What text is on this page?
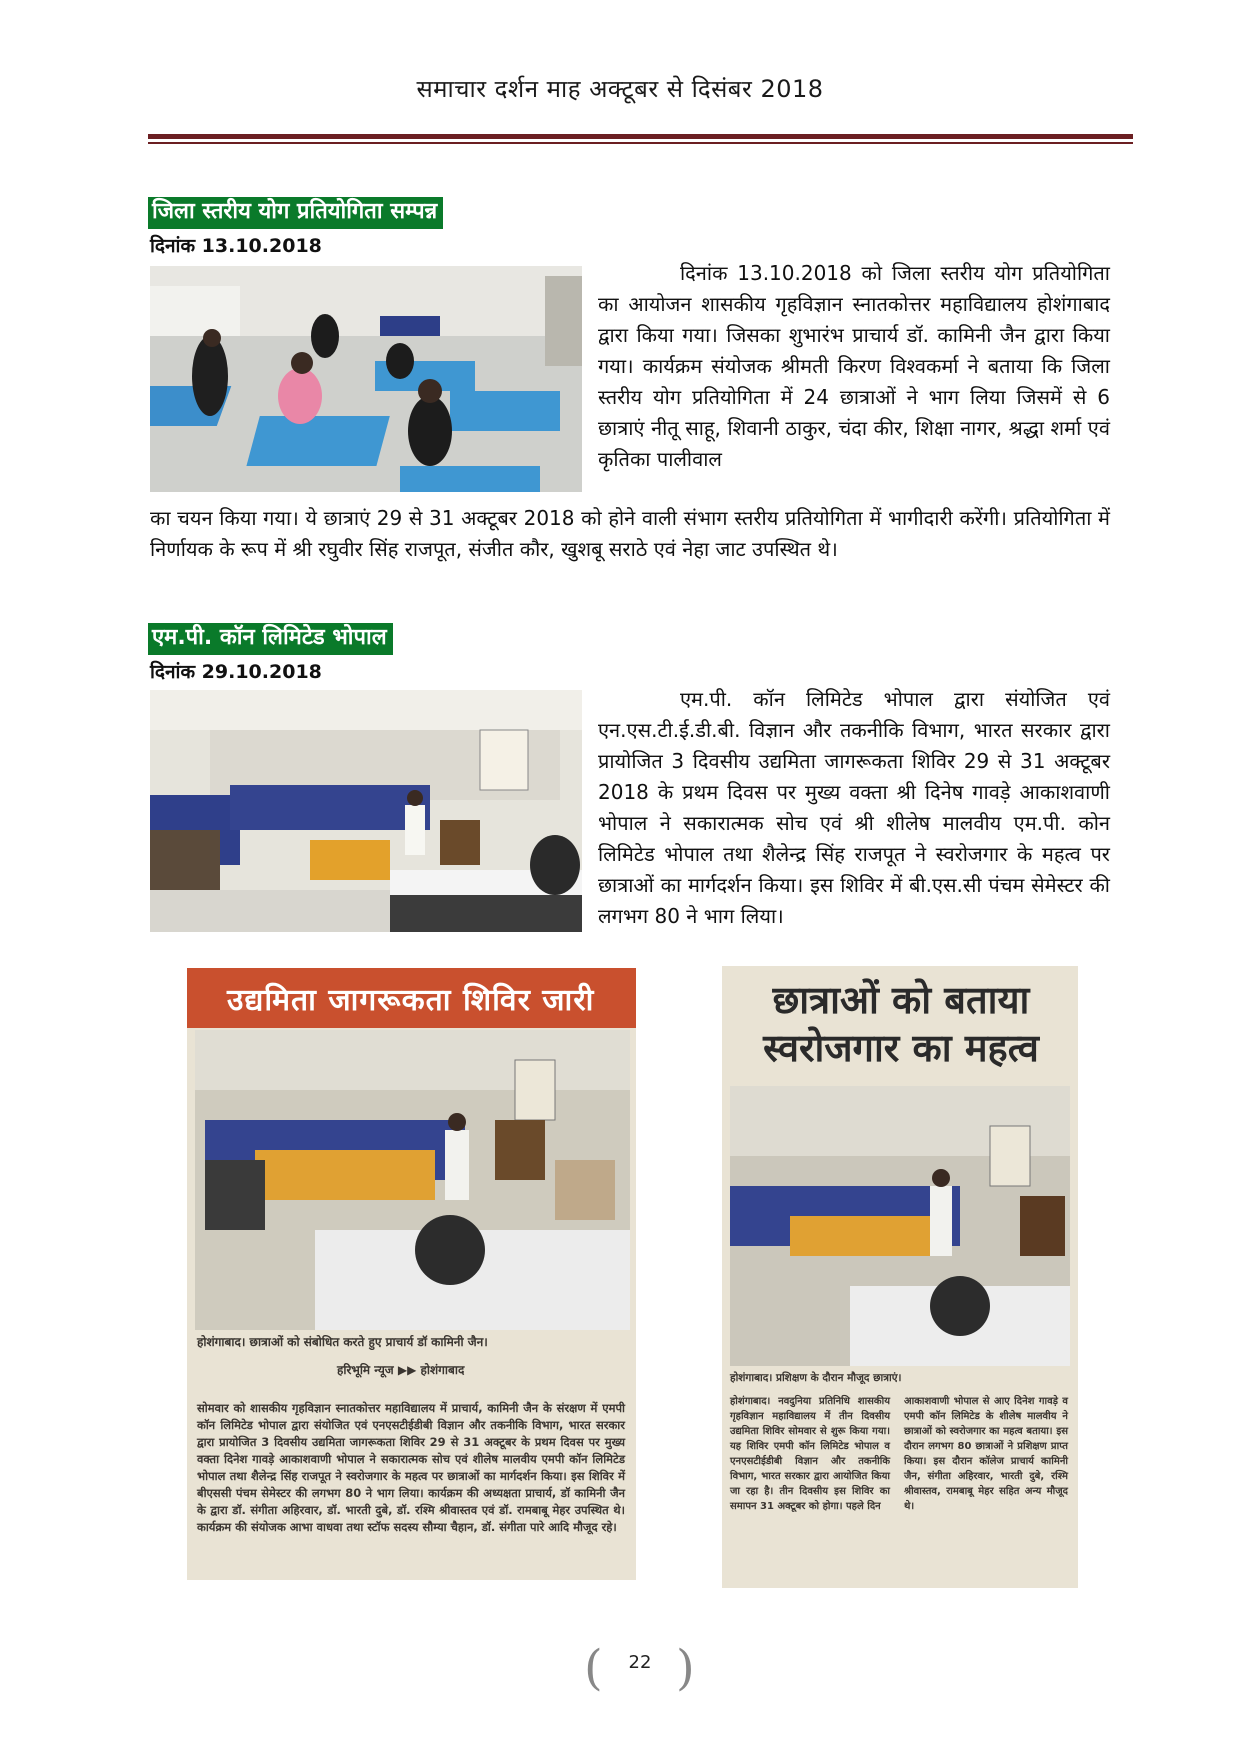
समाचार दर्शन माह अक्टूबर से दिसंबर 2018
जिला स्तरीय योग प्रतियोगिता सम्पन्न
दिनांक 13.10.2018
दिनांक 13.10.2018 को जिला स्तरीय योग प्रतियोगिता का आयोजन शासकीय गृहविज्ञान स्नातकोत्तर महाविद्यालय होशंगाबाद द्वारा किया गया। जिसका शुभारंभ प्राचार्य डॉ. कामिनी जैन द्वारा किया गया। कार्यक्रम संयोजक श्रीमती किरण विश्वकर्मा ने बताया कि जिला स्तरीय योग प्रतियोगिता में 24 छात्राओं ने भाग लिया जिसमें से 6 छात्राएं नीतू साहू, शिवानी ठाकुर, चंदा कीर, शिक्षा नागर, श्रद्धा शर्मा एवं कृतिका पालीवाल
का चयन किया गया। ये छात्राएं 29 से 31 अक्टूबर 2018 को होने वाली संभाग स्तरीय प्रतियोगिता में भागीदारी करेंगी। प्रतियोगिता में निर्णायक के रूप में श्री रघुवीर सिंह राजपूत, संजीत कौर, खुशबू सराठे एवं नेहा जाट उपस्थित थे।
एम.पी. कॉन लिमिटेड भोपाल
दिनांक 29.10.2018
एम.पी. कॉन लिमिटेड भोपाल द्वारा संयोजित एवं एन.एस.टी.ई.डी.बी. विज्ञान और तकनीकि विभाग, भारत सरकार द्वारा प्रायोजित 3 दिवसीय उद्यमिता जागरूकता शिविर 29 से 31 अक्टूबर 2018 के प्रथम दिवस पर मुख्य वक्ता श्री दिनेष गावड़े आकाशवाणी भोपाल ने सकारात्मक सोच एवं श्री शीलेष मालवीय एम.पी. कोन लिमिटेड भोपाल तथा शैलेन्द्र सिंह राजपूत ने स्वरोजगार के महत्व पर छात्राओं का मार्गदर्शन किया। इस शिविर में बी.एस.सी पंचम सेमेस्टर की लगभग 80 ने भाग लिया।
उद्यमिता जागरूकता शिविर जारी
होशंगाबाद। छात्राओं को संबोधित करते हुए प्राचार्य डॉ कामिनी जैन।
हरिभूमि न्यूज ▶▶ होशंगाबाद
सोमवार को शासकीय गृहविज्ञान स्नातकोत्तर महाविद्यालय में प्राचार्य, कामिनी जैन के संरक्षण में एमपी कॉन लिमिटेड भोपाल द्वारा संयोजित एवं एनएसटीईडीबी विज्ञान और तकनीकि विभाग, भारत सरकार द्वारा प्रायोजित 3 दिवसीय उद्यमिता जागरूकता शिविर 29 से 31 अक्टूबर के प्रथम दिवस पर मुख्य वक्ता दिनेश गावड़े आकाशवाणी भोपाल ने सकारात्मक सोच एवं शीलेष मालवीय एमपी कॉन लिमिटेड भोपाल तथा शैलेन्द्र सिंह राजपूत ने स्वरोजगार के महत्व पर छात्राओं का मार्गदर्शन किया। इस शिविर में बीएससी पंचम सेमेस्टर की लगभग 80 ने भाग लिया। कार्यक्रम की अध्यक्षता प्राचार्य, डॉ कामिनी जैन के द्वारा डॉ. संगीता अहिरवार, डॉ. भारती दुबे, डॉ. रश्मि श्रीवास्तव एवं डॉ. रामबाबू मेहर उपस्थित थे। कार्यक्रम की संयोजक आभा वाधवा तथा स्टॉफ सदस्य सौम्या चैहान, डॉ. संगीता पारे आदि मौजूद रहे।
छात्राओं को बताया
स्वरोजगार का महत्व
होशंगाबाद। प्रशिक्षण के दौरान मौजूद छात्राएं।
होशंगाबाद। नवदुनिया प्रतिनिधि शासकीय गृहविज्ञान महाविद्यालय में तीन दिवसीय उद्यमिता शिविर सोमवार से शुरू किया गया। यह शिविर एमपी कॉन लिमिटेड भोपाल व एनएसटीईडीबी विज्ञान और तकनीकि विभाग, भारत सरकार द्वारा आयोजित किया जा रहा है। तीन दिवसीय इस शिविर का समापन 31 अक्टूबर को होगा। पहले दिन
आकाशवाणी भोपाल से आए दिनेश गावड़े व एमपी कॉन लिमिटेड के शीलेष मालवीय ने छात्राओं को स्वरोजगार का महत्व बताया। इस दौरान लगभग 80 छात्राओं ने प्रशिक्षण प्राप्त किया। इस दौरान कॉलेज प्राचार्य कामिनी जैन, संगीता अहिरवार, भारती दुबे, रश्मि श्रीवास्तव, रामबाबू मेहर सहित अन्य मौजूद थे।
(	22 )
